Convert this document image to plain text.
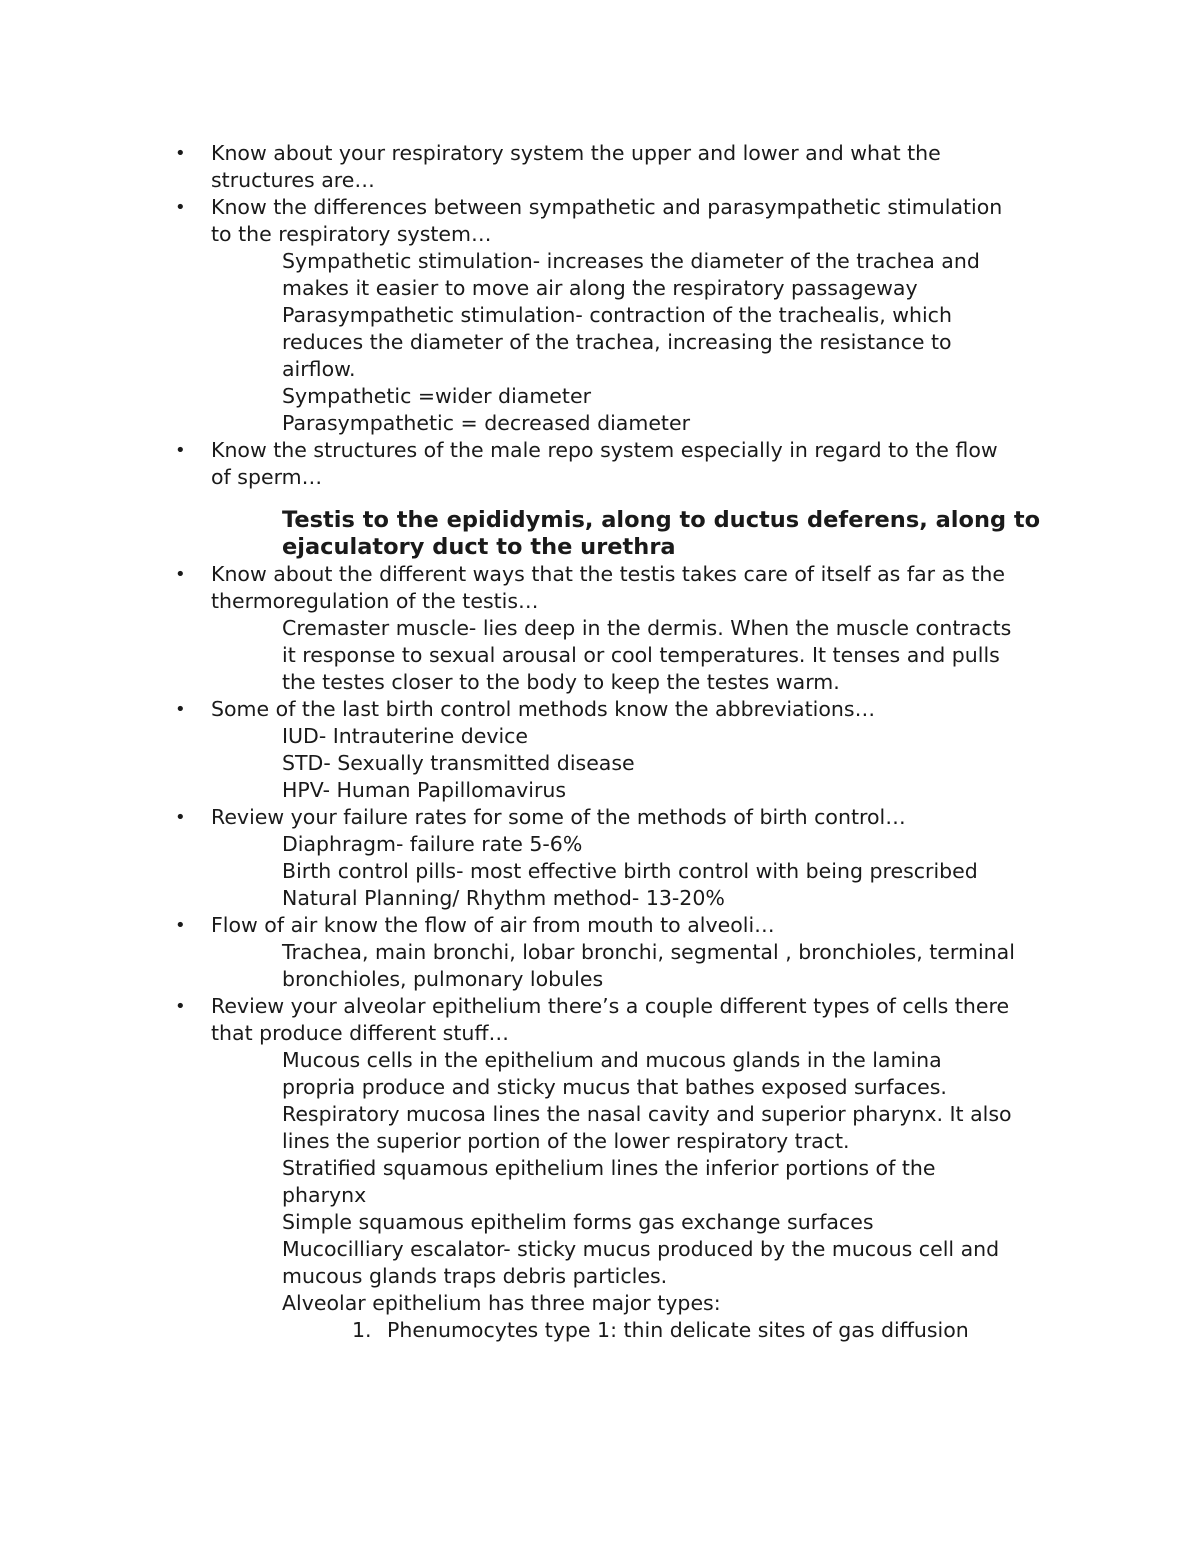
• Know about your respiratory system the upper and lower and what the
structures are…
• Know the differences between sympathetic and parasympathetic stimulation
to the respiratory system…
Sympathetic stimulation- increases the diameter of the trachea and
makes it easier to move air along the respiratory passageway
Parasympathetic stimulation- contraction of the trachealis, which
reduces the diameter of the trachea, increasing the resistance to
airflow.
Sympathetic =wider diameter
Parasympathetic = decreased diameter
• Know the structures of the male repo system especially in regard to the flow
of sperm…
Testis to the epididymis, along to ductus deferens, along to
ejaculatory duct to the urethra
• Know about the different ways that the testis takes care of itself as far as the
thermoregulation of the testis…
Cremaster muscle- lies deep in the dermis. When the muscle contracts
it response to sexual arousal or cool temperatures. It tenses and pulls
the testes closer to the body to keep the testes warm.
• Some of the last birth control methods know the abbreviations…
IUD- Intrauterine device
STD- Sexually transmitted disease
HPV- Human Papillomavirus
• Review your failure rates for some of the methods of birth control…
Diaphragm- failure rate 5-6%
Birth control pills- most effective birth control with being prescribed
Natural Planning/ Rhythm method- 13-20%
• Flow of air know the flow of air from mouth to alveoli…
Trachea, main bronchi, lobar bronchi, segmental , bronchioles, terminal
bronchioles, pulmonary lobules
• Review your alveolar epithelium there’s a couple different types of cells there
that produce different stuff…
Mucous cells in the epithelium and mucous glands in the lamina
propria produce and sticky mucus that bathes exposed surfaces.
Respiratory mucosa lines the nasal cavity and superior pharynx. It also
lines the superior portion of the lower respiratory tract.
Stratified squamous epithelium lines the inferior portions of the
pharynx
Simple squamous epithelim forms gas exchange surfaces
Mucocilliary escalator- sticky mucus produced by the mucous cell and
mucous glands traps debris particles.
Alveolar epithelium has three major types:
1. Phenumocytes type 1: thin delicate sites of gas diffusion
